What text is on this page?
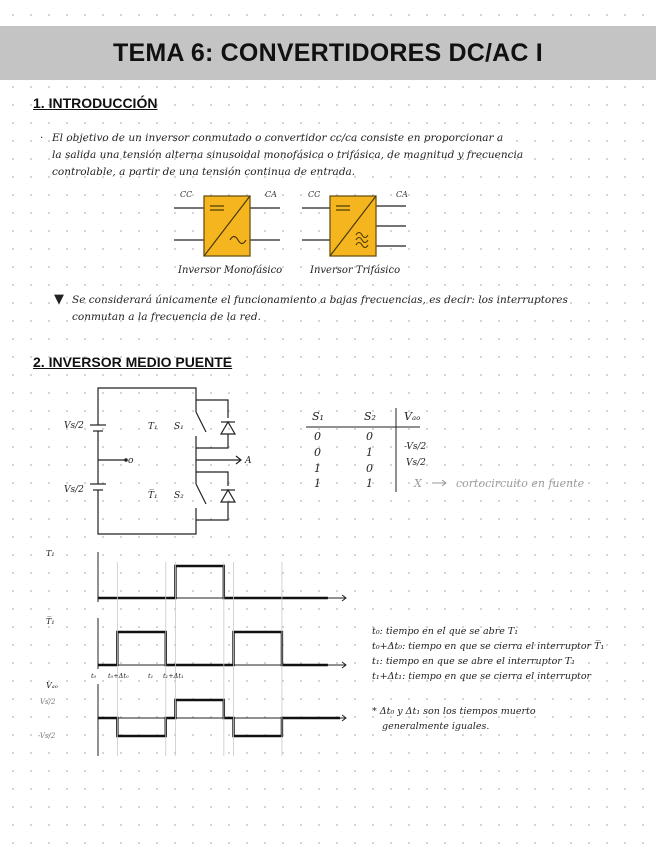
TEMA 6: CONVERTIDORES DC/AC I
1. INTRODUCCIÓN
· El objetivo de un inversor conmutado o convertidor cc/ca consiste en proporcionar a
la salida una tensión alterna sinusoidal monofásica o trifásica, de magnitud y frecuencia
controlable, a partir de una tensión continua de entrada.
CC	CA
Inversor Monofásico
CC	CA
Inversor Trifásico
Vs/2
Vs/2
o	A
T₁ S₁
T̅₁ S₂
T₁
T̅₁
Vₐₒ
Vs/2
-Vs/2
t₀ t₀+Δt₀	t₁ t₁+Δt₁
▼ Se considerará únicamente el funcionamiento a bajas frecuencias, es decir: los interruptores
conmutan a la frecuencia de la red.
2. INVERSOR MEDIO PUENTE
S₁	S₂	Vₐₒ
0	0
0	1	-Vs/2
1	0	Vs/2
1	1	X	cortocircuito en fuente
t₀: tiempo en el que se abre T₁
t₀+Δt₀: tiempo en que se cierra el interruptor T̅₁
t₁: tiempo en que se abre el interruptor T₁
t₁+Δt₁: tiempo en que se cierra el interruptor
* Δt₀ y Δt₁ son los tiempos muerto
generalmente iguales.
